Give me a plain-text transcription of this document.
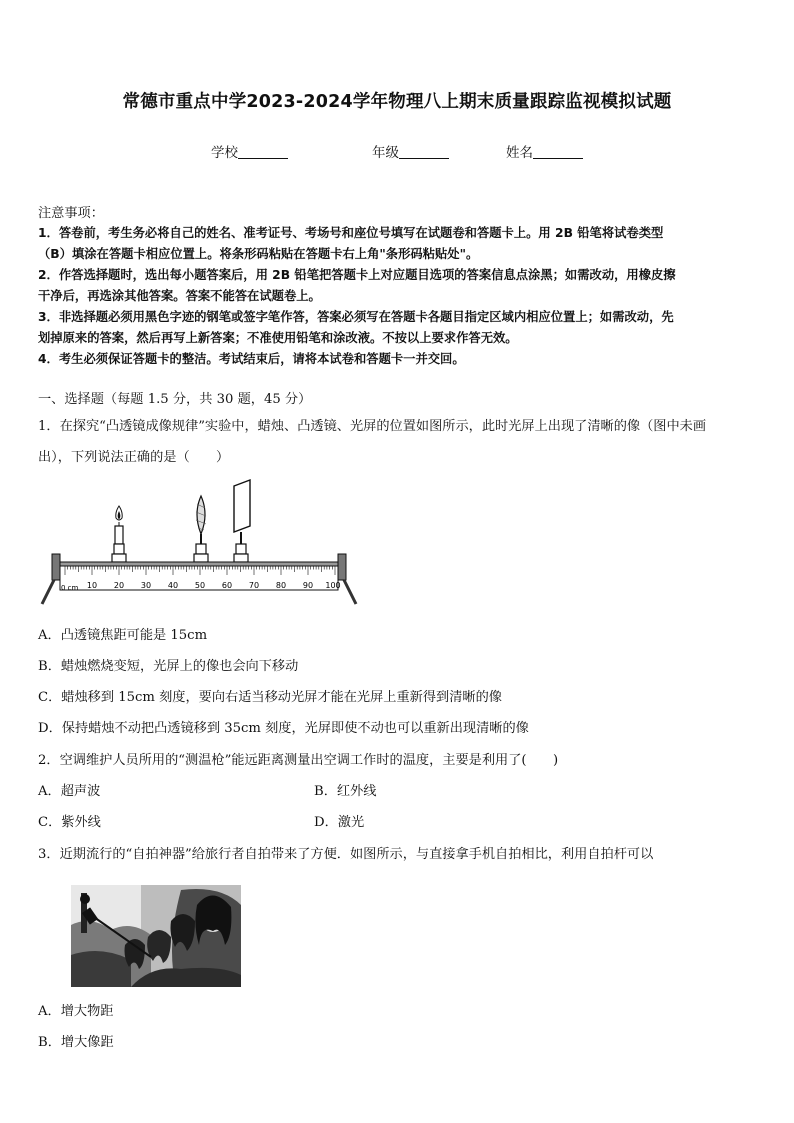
常德市重点中学2023-2024学年物理八上期末质量跟踪监视模拟试题
学校	年级	姓名
注意事项：
1．答卷前，考生务必将自己的姓名、准考证号、考场号和座位号填写在试题卷和答题卡上。用 2B 铅笔将试卷类型
（B）填涂在答题卡相应位置上。将条形码粘贴在答题卡右上角"条形码粘贴处"。
2．作答选择题时，选出每小题答案后，用 2B 铅笔把答题卡上对应题目选项的答案信息点涂黑；如需改动，用橡皮擦
干净后，再选涂其他答案。答案不能答在试题卷上。
3．非选择题必须用黑色字迹的钢笔或签字笔作答，答案必须写在答题卡各题目指定区域内相应位置上；如需改动，先
划掉原来的答案，然后再写上新答案；不准使用铅笔和涂改液。不按以上要求作答无效。
4．考生必须保证答题卡的整洁。考试结束后，请将本试卷和答题卡一并交回。
一、选择题（每题 1.5 分，共 30 题，45 分）
1．在探究“凸透镜成像规律”实验中，蜡烛、凸透镜、光屏的位置如图所示，此时光屏上出现了清晰的像（图中未画
出），下列说法正确的是（　　）
0 cm 10 20 30 40 50 60 70 80 90 100
A．凸透镜焦距可能是 15cm
B．蜡烛燃烧变短，光屏上的像也会向下移动
C．蜡烛移到 15cm 刻度，要向右适当移动光屏才能在光屏上重新得到清晰的像
D．保持蜡烛不动把凸透镜移到 35cm 刻度，光屏即使不动也可以重新出现清晰的像
2．空调维护人员所用的“测温枪”能远距离测量出空调工作时的温度，主要是利用了(　　)
A．超声波	B．红外线
C．紫外线	D．激光
3．近期流行的“自拍神器”给旅行者自拍带来了方便．如图所示，与直接拿手机自拍相比，利用自拍杆可以
A．增大物距
B．增大像距
